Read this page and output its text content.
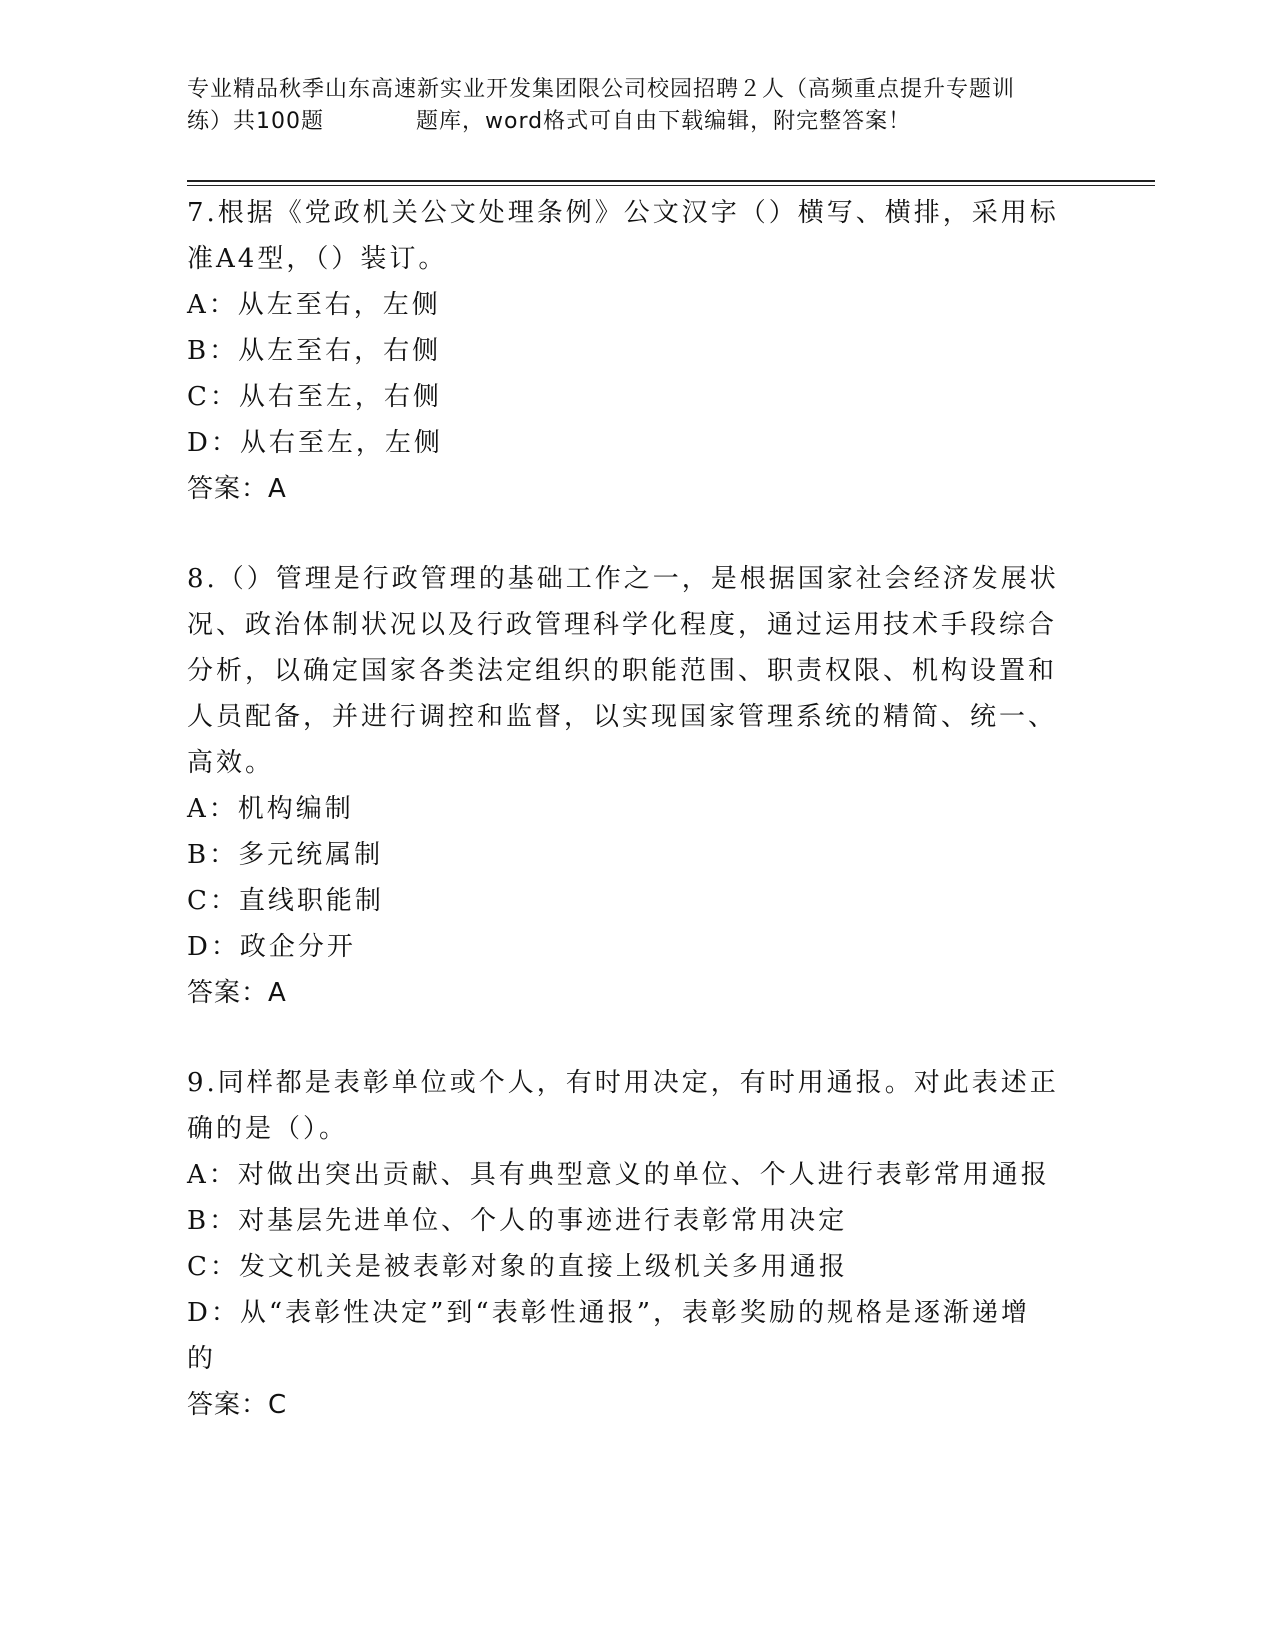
专业精品秋季山东高速新实业开发集团限公司校园招聘２人（高频重点提升专题训
练）共100题　　　　题库，word格式可自由下载编辑，附完整答案！
7.根据《党政机关公文处理条例》公文汉字（）横写、横排，采用标
准A4型，（）装订。
A：从左至右，左侧
B：从左至右，右侧
C：从右至左，右侧
D：从右至左，左侧
答案：A
8.（）管理是行政管理的基础工作之一，是根据国家社会经济发展状
况、政治体制状况以及行政管理科学化程度，通过运用技术手段综合
分析，以确定国家各类法定组织的职能范围、职责权限、机构设置和
人员配备，并进行调控和监督，以实现国家管理系统的精简、统一、
高效。
A：机构编制
B：多元统属制
C：直线职能制
D：政企分开
答案：A
9.同样都是表彰单位或个人，有时用决定，有时用通报。对此表述正
确的是（）。
A：对做出突出贡献、具有典型意义的单位、个人进行表彰常用通报
B：对基层先进单位、个人的事迹进行表彰常用决定
C：发文机关是被表彰对象的直接上级机关多用通报
D：从“表彰性决定”到“表彰性通报”，表彰奖励的规格是逐渐递增
的
答案：C
